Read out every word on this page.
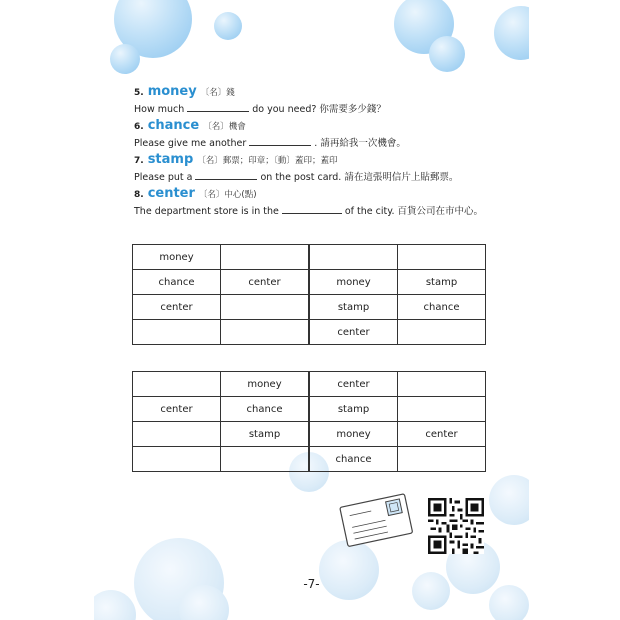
5. money 〔名〕錢
How much	do you need? 你需要多少錢？
6. chance 〔名〕機會
Please give me another	. 請再給我一次機會。
7. stamp 〔名〕郵票；印章；〔動〕蓋印；蓋印
Please put a	on the post card. 請在這張明信片上貼郵票。
8. center 〔名〕中心(點)
The department store is in the	of the city. 百貨公司在市中心。
money			
chance	center	money	stamp
center		stamp	chance
		center	
	money	center	
center	chance	stamp	
	stamp	money	center
		chance	
-7-
